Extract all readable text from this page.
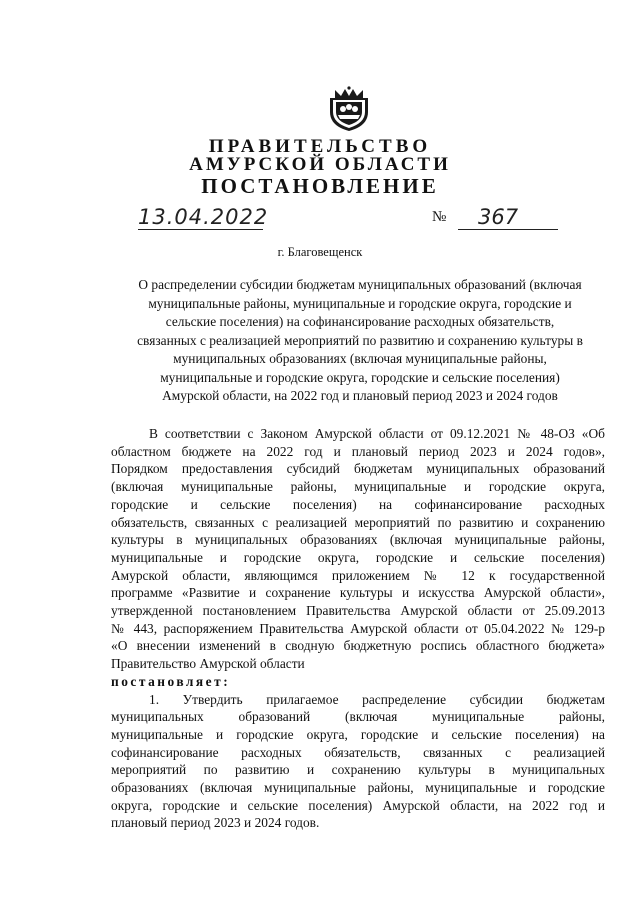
ПРАВИТЕЛЬСТВО
АМУРСКОЙ ОБЛАСТИ
ПОСТАНОВЛЕНИЕ
13.04.2022	№	367
г. Благовещенск
О распределении субсидии бюджетам муниципальных образований (включая
муниципальные районы, муниципальные и городские округа, городские и
сельские поселения) на софинансирование расходных обязательств,
связанных с реализацией мероприятий по развитию и сохранению культуры в
муниципальных образованиях (включая муниципальные районы,
муниципальные и городские округа, городские и сельские поселения)
Амурской области, на 2022 год и плановый период 2023 и 2024 годов
В соответствии с Законом Амурской области от 09.12.2021 № 48-ОЗ «Об
областном бюджете на 2022 год и плановый период 2023 и 2024 годов»,
Порядком предоставления субсидий бюджетам муниципальных образований
(включая муниципальные районы, муниципальные и городские округа,
городские и сельские поселения) на софинансирование расходных
обязательств, связанных с реализацией мероприятий по развитию и сохранению
культуры в муниципальных образованиях (включая муниципальные районы,
муниципальные и городские округа, городские и сельские поселения)
Амурской области, являющимся приложением № 12 к государственной
программе «Развитие и сохранение культуры и искусства Амурской области»,
утвержденной постановлением Правительства Амурской области от 25.09.2013
№ 443, распоряжением Правительства Амурской области от 05.04.2022 № 129-р
«О внесении изменений в сводную бюджетную роспись областного бюджета»
Правительство Амурской области
постановляет:
1. Утвердить прилагаемое распределение субсидии бюджетам
муниципальных образований (включая муниципальные районы,
муниципальные и городские округа, городские и сельские поселения) на
софинансирование расходных обязательств, связанных с реализацией
мероприятий по развитию и сохранению культуры в муниципальных
образованиях (включая муниципальные районы, муниципальные и городские
округа, городские и сельские поселения) Амурской области, на 2022 год и
плановый период 2023 и 2024 годов.
